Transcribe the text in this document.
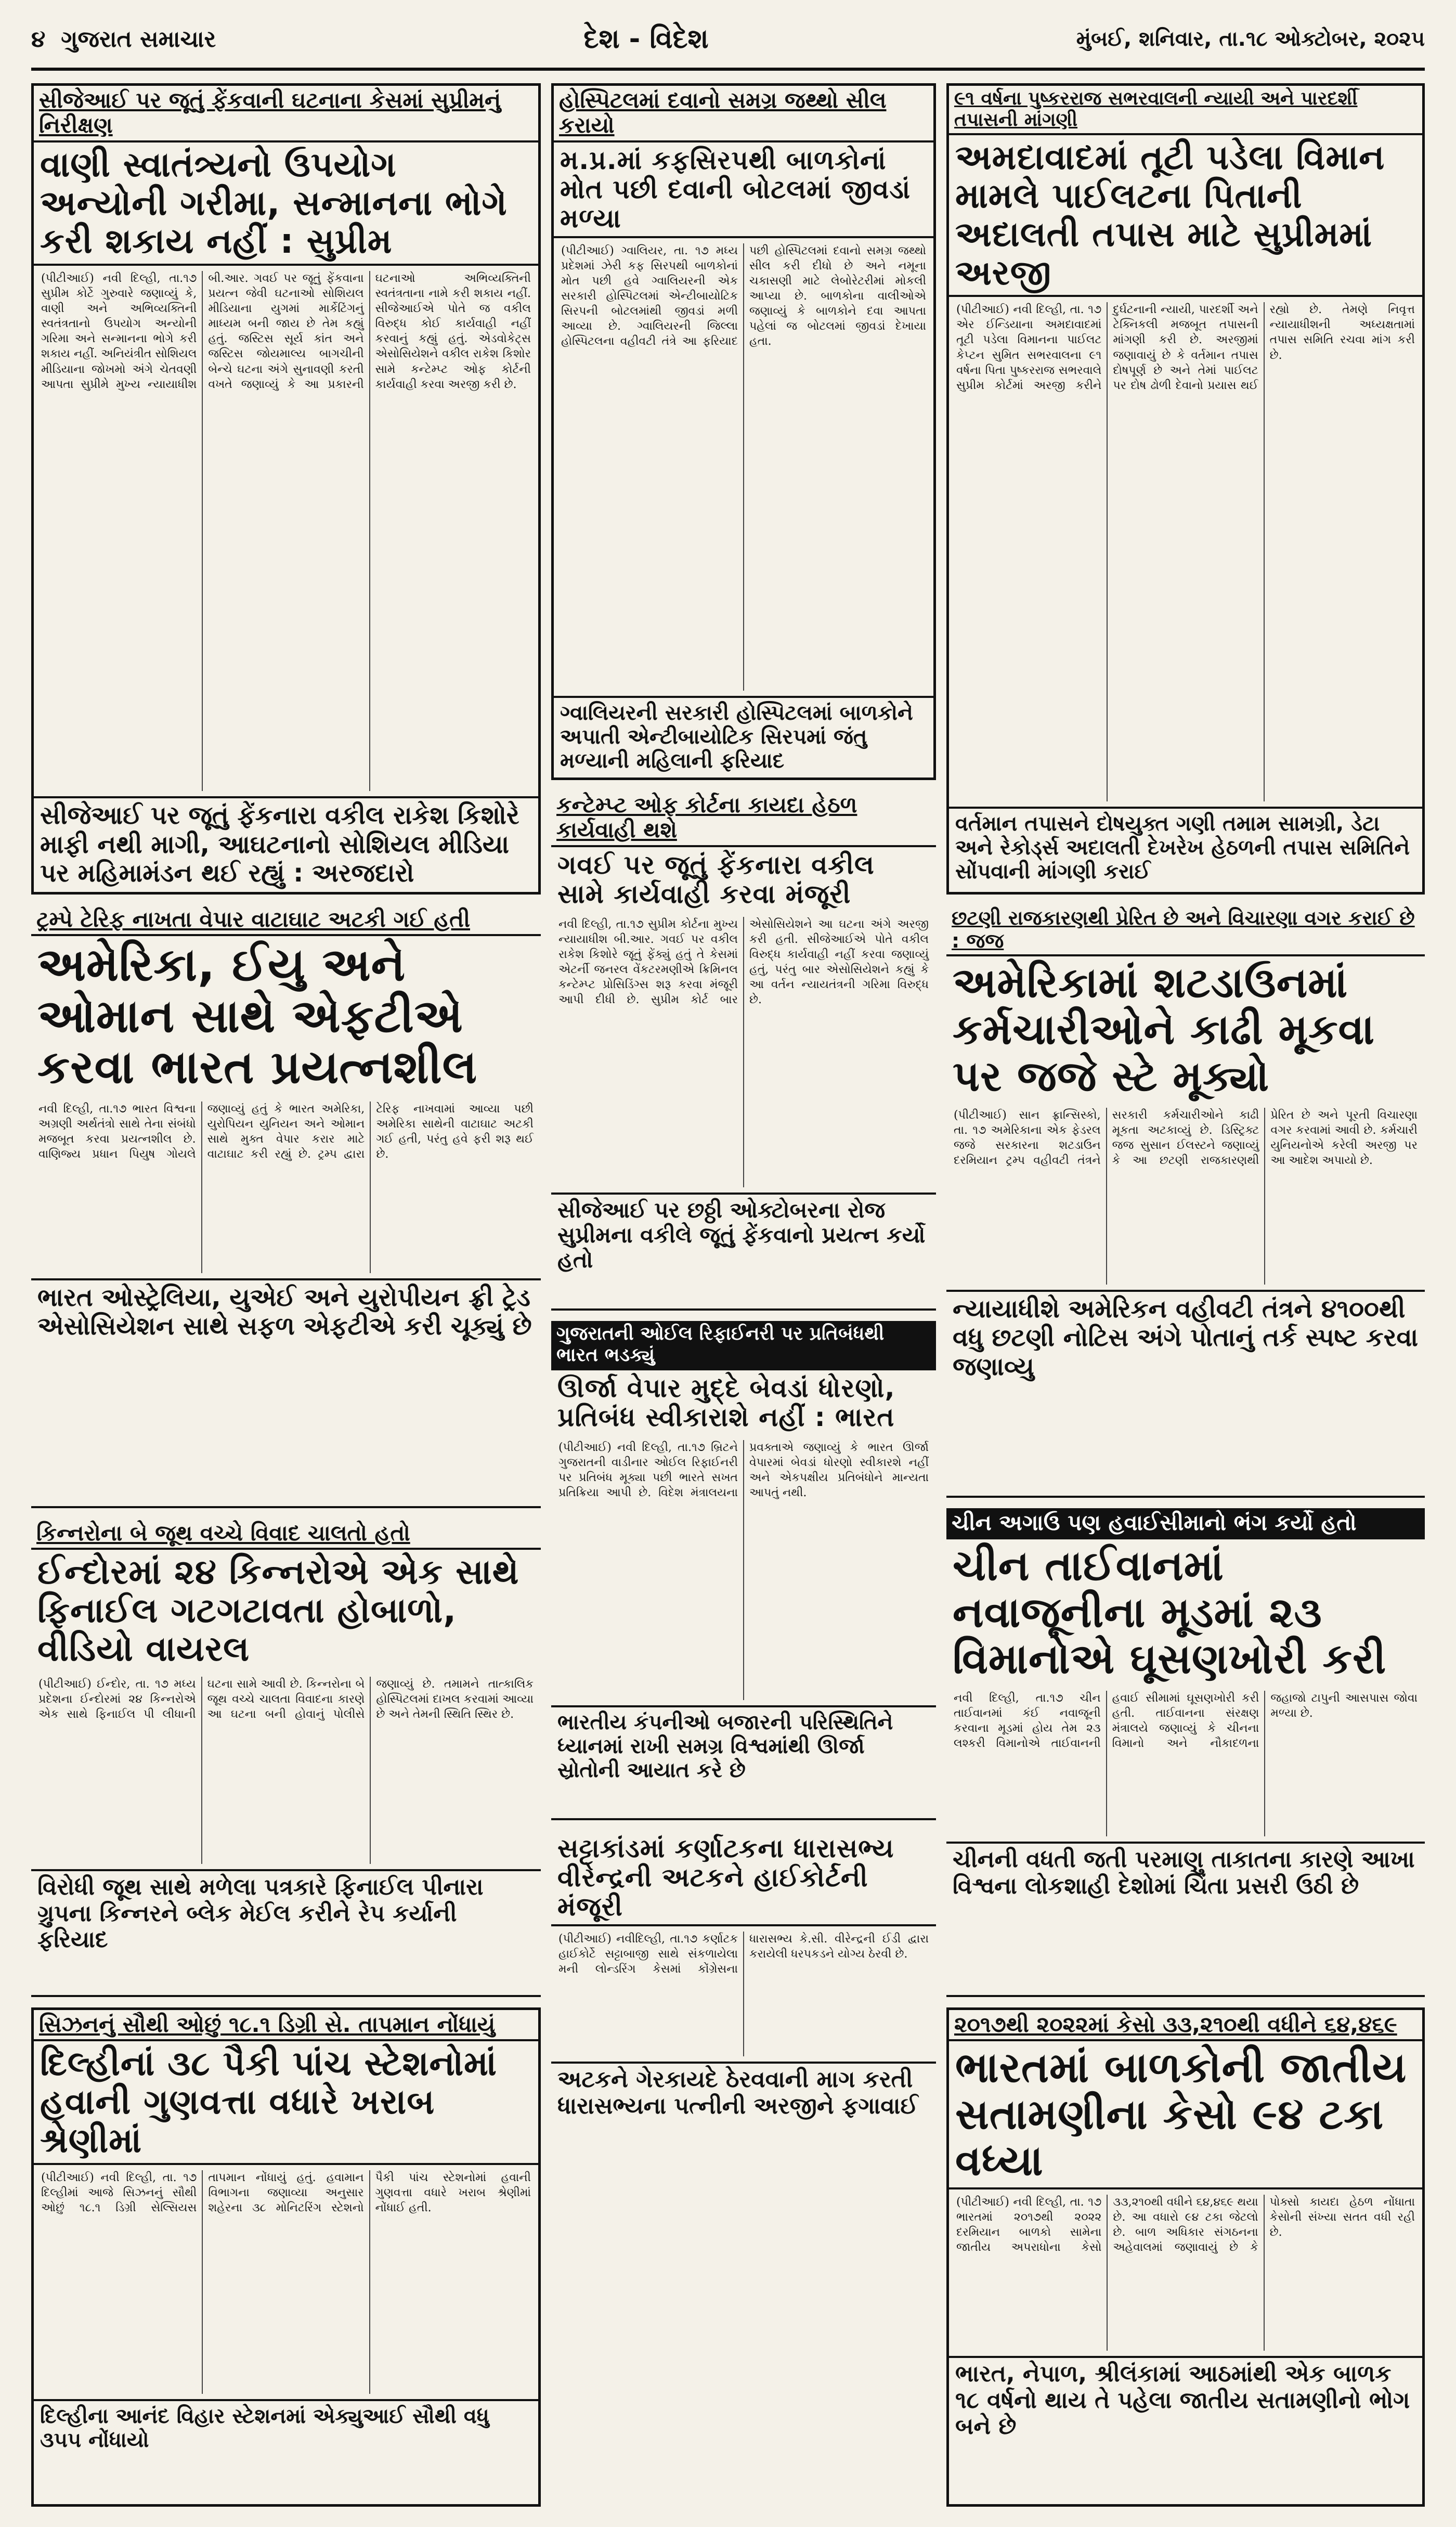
૪ ગુજરાત સમાચાર	દેશ - વિદેશ	મુંબઈ, શનિવાર, તા.૧૮ ઓક્ટોબર, ૨૦૨૫
સીજેઆઈ પર જૂતું ફેંકવાની ઘટનાના કેસમાં સુપ્રીમનું નિરીક્ષણ
વાણી સ્વાતંત્ર્યનો ઉપયોગ અન્યોની ગરીમા, સન્માનના ભોગે કરી શકાય નહીં : સુપ્રીમ
(પીટીઆઈ) નવી દિલ્હી, તા.૧૭ સુપ્રીમ કોર્ટે ગુરુવારે જણાવ્યું કે, વાણી અને અભિવ્યક્તિની સ્વતંત્રતાનો ઉપયોગ અન્યોની ગરિમા અને સન્માનના ભોગે કરી શકાય નહીં. અનિયંત્રીત સોશિયલ મીડિયાના જોખમો અંગે ચેતવણી આપતા સુપ્રીમે મુખ્ય ન્યાયાધીશ બી.આર. ગવઈ પર જૂતું ફેંકવાના પ્રયત્ન જેવી ઘટનાઓ સોશિયલ મીડિયાના યુગમાં માર્કેટિંગનું માધ્યમ બની જાય છે તેમ કહ્યું હતું. જસ્ટિસ સૂર્ય કાંત અને જસ્ટિસ જોયમાલ્ય બાગચીની બેન્ચે ઘટના અંગે સુનાવણી કરતી વખતે જણાવ્યું કે આ પ્રકારની ઘટનાઓ અભિવ્યક્તિની સ્વતંત્રતાના નામે કરી શકાય નહીં. સીજેઆઈએ પોતે જ વકીલ વિરુદ્ધ કોઈ કાર્યવાહી નહીં કરવાનું કહ્યું હતું. એડવોકેટ્સ એસોસિયેશને વકીલ રાકેશ કિશોર સામે કન્ટેમ્પ્ટ ઓફ કોર્ટની કાર્યવાહી કરવા અરજી કરી છે.
સીજેઆઈ પર જૂતું ફેંકનારા વકીલ રાકેશ કિશોરે માફી નથી માગી, આઘટનાનો સોશિયલ મીડિયા પર મહિમામંડન થઈ રહ્યું : અરજદારો
હોસ્પિટલમાં દવાનો સમગ્ર જથ્થો સીલ કરાયો
મ.પ્ર.માં કફસિરપથી બાળકોનાં મોત પછી દવાની બોટલમાં જીવડાં મળ્યા
(પીટીઆઈ) ગ્વાલિયર, તા. ૧૭ મધ્ય પ્રદેશમાં ઝેરી કફ સિરપથી બાળકોનાં મોત પછી હવે ગ્વાલિયરની એક સરકારી હોસ્પિટલમાં એન્ટીબાયોટિક સિરપની બોટલમાંથી જીવડાં મળી આવ્યા છે. ગ્વાલિયરની જિલ્લા હોસ્પિટલના વહીવટી તંત્રે આ ફરિયાદ પછી હોસ્પિટલમાં દવાનો સમગ્ર જથ્થો સીલ કરી દીધો છે અને નમૂના ચકાસણી માટે લેબોરેટરીમાં મોકલી આપ્યા છે. બાળકોના વાલીઓએ જણાવ્યું કે બાળકોને દવા આપતા પહેલાં જ બોટલમાં જીવડાં દેખાયા હતા.
ગ્વાલિયરની સરકારી હોસ્પિટલમાં બાળકોને અપાતી એન્ટીબાયોટિક સિરપમાં જંતુ મળ્યાની મહિલાની ફરિયાદ
કન્ટેમ્પ્ટ ઓફ કોર્ટના કાયદા હેઠળ કાર્યવાહી થશે
ગવઈ પર જૂતું ફેંકનારા વકીલ સામે કાર્યવાહી કરવા મંજૂરી
નવી દિલ્હી, તા.૧૭ સુપ્રીમ કોર્ટના મુખ્ય ન્યાયાધીશ બી.આર. ગવઈ પર વકીલ રાકેશ કિશોરે જૂતું ફેંક્યું હતું તે કેસમાં એટર્ની જનરલ વેંકટરમણીએ ક્રિમિનલ કન્ટેમ્પ્ટ પ્રોસિડિંગ્સ શરૂ કરવા મંજૂરી આપી દીધી છે. સુપ્રીમ કોર્ટ બાર એસોસિયેશને આ ઘટના અંગે અરજી કરી હતી. સીજેઆઈએ પોતે વકીલ વિરુદ્ધ કાર્યવાહી નહીં કરવા જણાવ્યું હતું, પરંતુ બાર એસોસિયેશને કહ્યું કે આ વર્તન ન્યાયતંત્રની ગરિમા વિરુદ્ધ છે.
સીજેઆઈ પર છઠ્ઠી ઓક્ટોબરના રોજ સુપ્રીમના વકીલે જૂતું ફેંકવાનો પ્રયત્ન કર્યો હતો
૯૧ વર્ષના પુષ્કરરાજ સભરવાલની ન્યાયી અને પારદર્શી તપાસની માંગણી
અમદાવાદમાં તૂટી પડેલા વિમાન મામલે પાઈલટના પિતાની અદાલતી તપાસ માટે સુપ્રીમમાં અરજી
(પીટીઆઈ) નવી દિલ્હી, તા. ૧૭ એર ઈન્ડિયાના અમદાવાદમાં તૂટી પડેલા વિમાનના પાઈલટ કેપ્ટન સુમિત સભરવાલના ૯૧ વર્ષના પિતા પુષ્કરરાજ સભરવાલે સુપ્રીમ કોર્ટમાં અરજી કરીને દુર્ઘટનાની ન્યાયી, પારદર્શી અને ટેક્નિકલી મજબૂત તપાસની માંગણી કરી છે. અરજીમાં જણાવાયું છે કે વર્તમાન તપાસ દોષપૂર્ણ છે અને તેમાં પાઈલટ પર દોષ ઢોળી દેવાનો પ્રયાસ થઈ રહ્યો છે. તેમણે નિવૃત્ત ન્યાયાધીશની અધ્યક્ષતામાં તપાસ સમિતિ રચવા માંગ કરી છે.
વર્તમાન તપાસને દોષયુક્ત ગણી તમામ સામગ્રી, ડેટા અને રેકોર્ડ્સ અદાલતી દેખરેખ હેઠળની તપાસ સમિતિને સોંપવાની માંગણી કરાઈ
ટ્રમ્પે ટેરિફ નાખતા વેપાર વાટાઘાટ અટકી ગઈ હતી
અમેરિકા, ઈયુ અને ઓમાન સાથે એફટીએ કરવા ભારત પ્રયત્નશીલ
નવી દિલ્હી, તા.૧૭ ભારત વિશ્વના અગ્રણી અર્થતંત્રો સાથે તેના સંબંધો મજબૂત કરવા પ્રયત્નશીલ છે. વાણિજ્ય પ્રધાન પિયુષ ગોયલે જણાવ્યું હતું કે ભારત અમેરિકા, યુરોપિયન યુનિયન અને ઓમાન સાથે મુક્ત વેપાર કરાર માટે વાટાઘાટ કરી રહ્યું છે. ટ્રમ્પ દ્વારા ટેરિફ નાખવામાં આવ્યા પછી અમેરિકા સાથેની વાટાઘાટ અટકી ગઈ હતી, પરંતુ હવે ફરી શરૂ થઈ છે.
ભારત ઓસ્ટ્રેલિયા, યુએઈ અને યુરોપીયન ફ્રી ટ્રેડ એસોસિયેશન સાથે સફળ એફટીએ કરી ચૂક્યું છે
છટણી રાજકારણથી પ્રેરિત છે અને વિચારણા વગર કરાઈ છે : જજ
અમેરિકામાં શટડાઉનમાં કર્મચારીઓને કાઢી મૂકવા પર જજે સ્ટે મૂક્યો
(પીટીઆઈ) સાન ફ્રાન્સિસ્કો, તા. ૧૭ અમેરિકાના એક ફેડરલ જજે સરકારના શટડાઉન દરમિયાન ટ્રમ્પ વહીવટી તંત્રને સરકારી કર્મચારીઓને કાઢી મૂકતા અટકાવ્યું છે. ડિસ્ટ્રિક્ટ જજ સુસાન ઈલસ્ટને જણાવ્યું કે આ છટણી રાજકારણથી પ્રેરિત છે અને પૂરતી વિચારણા વગર કરવામાં આવી છે. કર્મચારી યુનિયનોએ કરેલી અરજી પર આ આદેશ અપાયો છે.
ન્યાયાધીશે અમેરિકન વહીવટી તંત્રને ૪૧૦૦થી વધુ છટણી નોટિસ અંગે પોતાનું તર્ક સ્પષ્ટ કરવા જણાવ્યુ
ગુજરાતની ઓઈલ રિફાઈનરી પર પ્રતિબંધથી ભારત ભડક્યું
ઊર્જા વેપાર મુદ્દે બેવડાં ધોરણો, પ્રતિબંધ સ્વીકારાશે નહીં : ભારત
(પીટીઆઈ) નવી દિલ્હી, તા.૧૭ બ્રિટને ગુજરાતની વાડીનાર ઓઈલ રિફાઈનરી પર પ્રતિબંધ મૂક્યા પછી ભારતે સખત પ્રતિક્રિયા આપી છે. વિદેશ મંત્રાલયના પ્રવક્તાએ જણાવ્યું કે ભારત ઊર્જા વેપારમાં બેવડાં ધોરણો સ્વીકારશે નહીં અને એકપક્ષીય પ્રતિબંધોને માન્યતા આપતું નથી.
ભારતીય કંપનીઓ બજારની પરિસ્થિતિને ધ્યાનમાં રાખી સમગ્ર વિશ્વમાંથી ઊર્જા સ્રોતોની આયાત કરે છે
કિન્નરોના બે જૂથ વચ્ચે વિવાદ ચાલતો હતો
ઈન્દોરમાં ૨૪ કિન્નરોએ એક સાથે ફિનાઈલ ગટગટાવતા હોબાળો, વીડિયો વાયરલ
(પીટીઆઈ) ઈન્દોર, તા. ૧૭ મધ્ય પ્રદેશના ઈન્દોરમાં ૨૪ કિન્નરોએ એક સાથે ફિનાઈલ પી લીધાની ઘટના સામે આવી છે. કિન્નરોના બે જૂથ વચ્ચે ચાલતા વિવાદના કારણે આ ઘટના બની હોવાનું પોલીસે જણાવ્યું છે. તમામને તાત્કાલિક હોસ્પિટલમાં દાખલ કરવામાં આવ્યા છે અને તેમની સ્થિતિ સ્થિર છે.
વિરોધી જૂથ સાથે મળેલા પત્રકારે ફિનાઈલ પીનારા ગ્રુપના કિન્નરને બ્લેક મેઈલ કરીને રેપ કર્યાની ફરિયાદ
ચીન અગાઉ પણ હવાઈસીમાનો ભંગ કર્યો હતો
ચીન તાઈવાનમાં નવાજૂનીના મૂડમાં ૨૩ વિમાનોએ ઘૂસણખોરી કરી
નવી દિલ્હી, તા.૧૭ ચીન તાઈવાનમાં કંઈ નવાજૂની કરવાના મૂડમાં હોય તેમ ૨૩ લશ્કરી વિમાનોએ તાઈવાનની હવાઈ સીમામાં ઘૂસણખોરી કરી હતી. તાઈવાનના સંરક્ષણ મંત્રાલયે જણાવ્યું કે ચીનના વિમાનો અને નૌકાદળના જહાજો ટાપુની આસપાસ જોવા મળ્યા છે.
ચીનની વધતી જતી પરમાણુ તાકાતના કારણે આખા વિશ્વના લોકશાહી દેશોમાં ચિંતા પ્રસરી ઉઠી છે
સટ્ટાકાંડમાં કર્ણાટકના ધારાસભ્ય વીરેન્દ્રની અટકને હાઈકોર્ટની મંજૂરી
(પીટીઆઈ) નવીદિલ્હી, તા.૧૭ કર્ણાટક હાઈકોર્ટે સટ્ટાબાજી સાથે સંકળાયેલા મની લોન્ડરિંગ કેસમાં કોંગ્રેસના ધારાસભ્ય કે.સી. વીરેન્દ્રની ઈડી દ્વારા કરાયેલી ધરપકડને યોગ્ય ઠેરવી છે.
અટકને ગેરકાયદે ઠેરવવાની માગ કરતી ધારાસભ્યના પત્નીની અરજીને ફગાવાઈ
સિઝનનું સૌથી ઓછું ૧૮.૧ ડિગ્રી સે. તાપમાન નોંધાયું
દિલ્હીનાં ૩૮ પૈકી પાંચ સ્ટેશનોમાં હવાની ગુણવત્તા વધારે ખરાબ શ્રેણીમાં
(પીટીઆઈ) નવી દિલ્હી, તા. ૧૭ દિલ્હીમાં આજે સિઝનનું સૌથી ઓછું ૧૮.૧ ડિગ્રી સેલ્સિયસ તાપમાન નોંધાયું હતું. હવામાન વિભાગના જણાવ્યા અનુસાર શહેરના ૩૮ મોનિટરિંગ સ્ટેશનો પૈકી પાંચ સ્ટેશનોમાં હવાની ગુણવત્તા વધારે ખરાબ શ્રેણીમાં નોંધાઈ હતી.
દિલ્હીના આનંદ વિહાર સ્ટેશનમાં એક્યુઆઈ સૌથી વધુ ૩૫૫ નોંધાયો
૨૦૧૭થી ૨૦૨૨માં કેસો ૩૩,૨૧૦થી વધીને ૬૪,૪૬૯
ભારતમાં બાળકોની જાતીય સતામણીના કેસો ૯૪ ટકા વધ્યા
(પીટીઆઈ) નવી દિલ્હી, તા. ૧૭ ભારતમાં ૨૦૧૭થી ૨૦૨૨ દરમિયાન બાળકો સામેના જાતીય અપરાધોના કેસો ૩૩,૨૧૦થી વધીને ૬૪,૪૬૯ થયા છે. આ વધારો ૯૪ ટકા જેટલો છે. બાળ અધિકાર સંગઠનના અહેવાલમાં જણાવાયું છે કે પોક્સો કાયદા હેઠળ નોંધાતા કેસોની સંખ્યા સતત વધી રહી છે.
ભારત, નેપાળ, શ્રીલંકામાં આઠમાંથી એક બાળક ૧૮ વર્ષનો થાય તે પહેલા જાતીય સતામણીનો ભોગ બને છે
